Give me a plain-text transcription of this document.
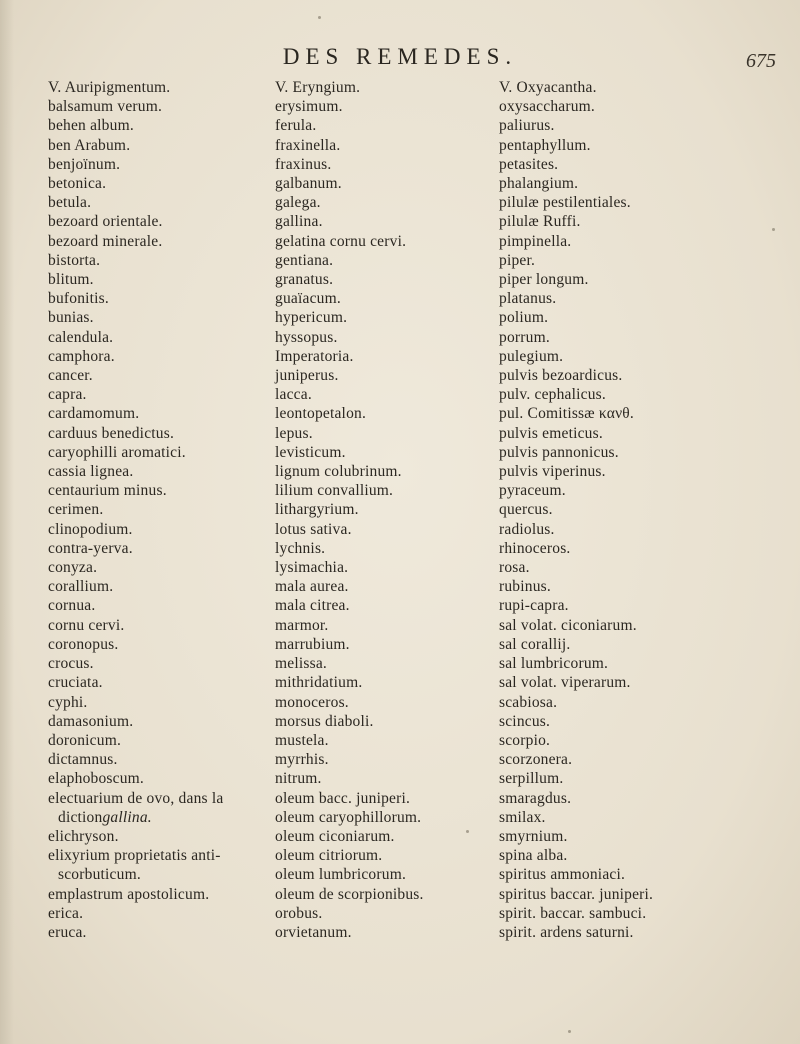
DES REMEDES.	675
V. Auripigmentum.
balsamum verum.
behen album.
ben Arabum.
benjoïnum.
betonica.
betula.
bezoard orientale.
bezoard minerale.
bistorta.
blitum.
bufonitis.
bunias.
calendula.
camphora.
cancer.
capra.
cardamomum.
carduus benedictus.
caryophilli aromatici.
cassia lignea.
centaurium minus.
cerimen.
clinopodium.
contra-yerva.
conyza.
corallium.
cornua.
cornu cervi.
coronopus.
crocus.
cruciata.
cyphi.
damasonium.
doronicum.
dictamnus.
elaphoboscum.
electuarium de ovo, dans la
dictiongallina.
elichryson.
elixyrium proprietatis anti-
scorbuticum.
emplastrum apostolicum.
erica.
eruca.
V. Eryngium.
erysimum.
ferula.
fraxinella.
fraxinus.
galbanum.
galega.
gallina.
gelatina cornu cervi.
gentiana.
granatus.
guaïacum.
hypericum.
hyssopus.
Imperatoria.
juniperus.
lacca.
leontopetalon.
lepus.
levisticum.
lignum colubrinum.
lilium convallium.
lithargyrium.
lotus sativa.
lychnis.
lysimachia.
mala aurea.
mala citrea.
marmor.
marrubium.
melissa.
mithridatium.
monoceros.
morsus diaboli.
mustela.
myrrhis.
nitrum.
oleum bacc. juniperi.
oleum caryophillorum.
oleum ciconiarum.
oleum citriorum.
oleum lumbricorum.
oleum de scorpionibus.
orobus.
orvietanum.
V. Oxyacantha.
oxysaccharum.
paliurus.
pentaphyllum.
petasites.
phalangium.
pilulæ pestilentiales.
pilulæ Ruffi.
pimpinella.
piper.
piper longum.
platanus.
polium.
porrum.
pulegium.
pulvis bezoardicus.
pulv. cephalicus.
pul. Comitissæ κανθ.
pulvis emeticus.
pulvis pannonicus.
pulvis viperinus.
pyraceum.
quercus.
radiolus.
rhinoceros.
rosa.
rubinus.
rupi-capra.
sal volat. ciconiarum.
sal corallij.
sal lumbricorum.
sal volat. viperarum.
scabiosa.
scincus.
scorpio.
scorzonera.
serpillum.
smaragdus.
smilax.
smyrnium.
spina alba.
spiritus ammoniaci.
spiritus baccar. juniperi.
spirit. baccar. sambuci.
spirit. ardens saturni.
